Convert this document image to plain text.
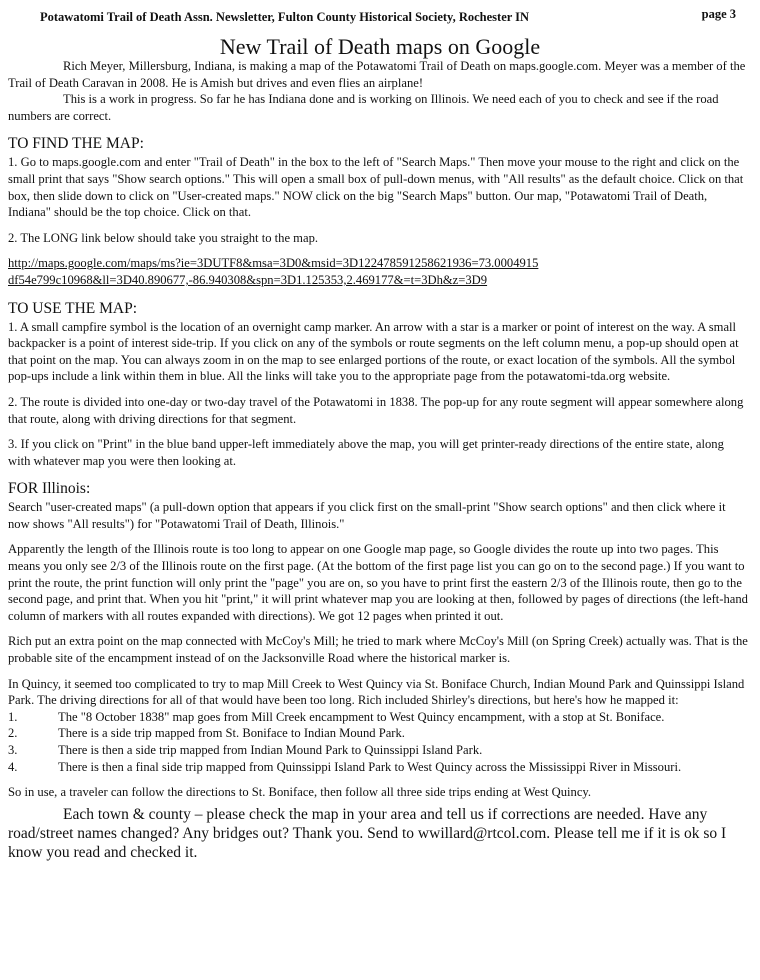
Potawatomi Trail of Death Assn. Newsletter, Fulton County Historical Society, Rochester IN	page 3
New Trail of Death maps on Google

Rich Meyer, Millersburg, Indiana, is making a map of the Potawatomi Trail of Death on maps.google.com. Meyer was a member of the Trail of Death Caravan in 2008. He is Amish but drives and even flies an airplane!

This is a work in progress. So far he has Indiana done and is working on Illinois. We need each of you to check and see if the road numbers are correct.

TO FIND THE MAP:

1. Go to maps.google.com and enter "Trail of Death" in the box to the left of "Search Maps." Then move your mouse to the right and click on the small print that says "Show search options." This will open a small box of pull-down menus, with "All results" as the default choice. Click on that box, then slide down to click on "User-created maps." NOW click on the big "Search Maps" button. Our map, "Potawatomi Trail of Death, Indiana" should be the top choice. Click on that.

2. The LONG link below should take you straight to the map.

http://maps.google.com/maps/ms?ie=3DUTF8&msa=3D0&msid=3D1224785912586219​36=73.0004915df54e799c10968&ll=3D40.890677,-86.940308&spn=3D1.125353,2.469177&=t=3Dh&z=3D9

TO USE THE MAP:

1. A small campfire symbol is the location of an overnight camp marker. An arrow with a star is a marker or point of interest on the way. A small backpacker is a point of interest side-trip. If you click on any of the symbols or route segments on the left column menu, a pop-up should open at that point on the map. You can always zoom in on the map to see enlarged portions of the route, or exact location of the symbols. All the symbol pop-ups include a link within them in blue. All the links will take you to the appropriate page from the potawatomi-tda.org website.

2. The route is divided into one-day or two-day travel of the Potawatomi in 1838. The pop-up for any route segment will appear somewhere along that route, along with driving directions for that segment.

3. If you click on "Print" in the blue band upper-left immediately above the map, you will get printer-ready directions of the entire state, along with whatever map you were then looking at.

FOR Illinois:

Search "user-created maps" (a pull-down option that appears if you click first on the small-print "Show search options" and then click where it now shows "All results") for "Potawatomi Trail of Death, Illinois."

Apparently the length of the Illinois route is too long to appear on one Google map page, so Google divides the route up into two pages. This means you only see 2/3 of the Illinois route on the first page. (At the bottom of the first page list you can go on to the second page.) If you want to print the route, the print function will only print the "page" you are on, so you have to print first the eastern 2/3 of the Illinois route, then go to the second page, and print that. When you hit "print," it will print whatever map you are looking at then, followed by pages of directions (the left-hand column of markers with all routes expanded with directions). We got 12 pages when printed it out.

Rich put an extra point on the map connected with McCoy's Mill; he tried to mark where McCoy's Mill (on Spring Creek) actually was. That is the probable site of the encampment instead of on the Jacksonville Road where the historical marker is.

In Quincy, it seemed too complicated to try to map Mill Creek to West Quincy via St. Boniface Church, Indian Mound Park and Quinssippi Island Park. The driving directions for all of that would have been too long. Rich included Shirley's directions, but here's how he mapped it:

1.	The "8 October 1838" map goes from Mill Creek encampment to West Quincy encampment, with a stop at St. Boniface.
2.	There is a side trip mapped from St. Boniface to Indian Mound Park.
3.	There is then a side trip mapped from Indian Mound Park to Quinssippi Island Park.
4.	There is then a final side trip mapped from Quinssippi Island Park to West Quincy across the Mississippi River in Missouri.

So in use, a traveler can follow the directions to St. Boniface, then follow all three side trips ending at West Quincy.

Each town & county – please check the map in your area and tell us if corrections are needed. Have any road/street names changed? Any bridges out? Thank you. Send to wwillard@rtcol.com. Please tell me if it is ok so I know you read and checked it.
